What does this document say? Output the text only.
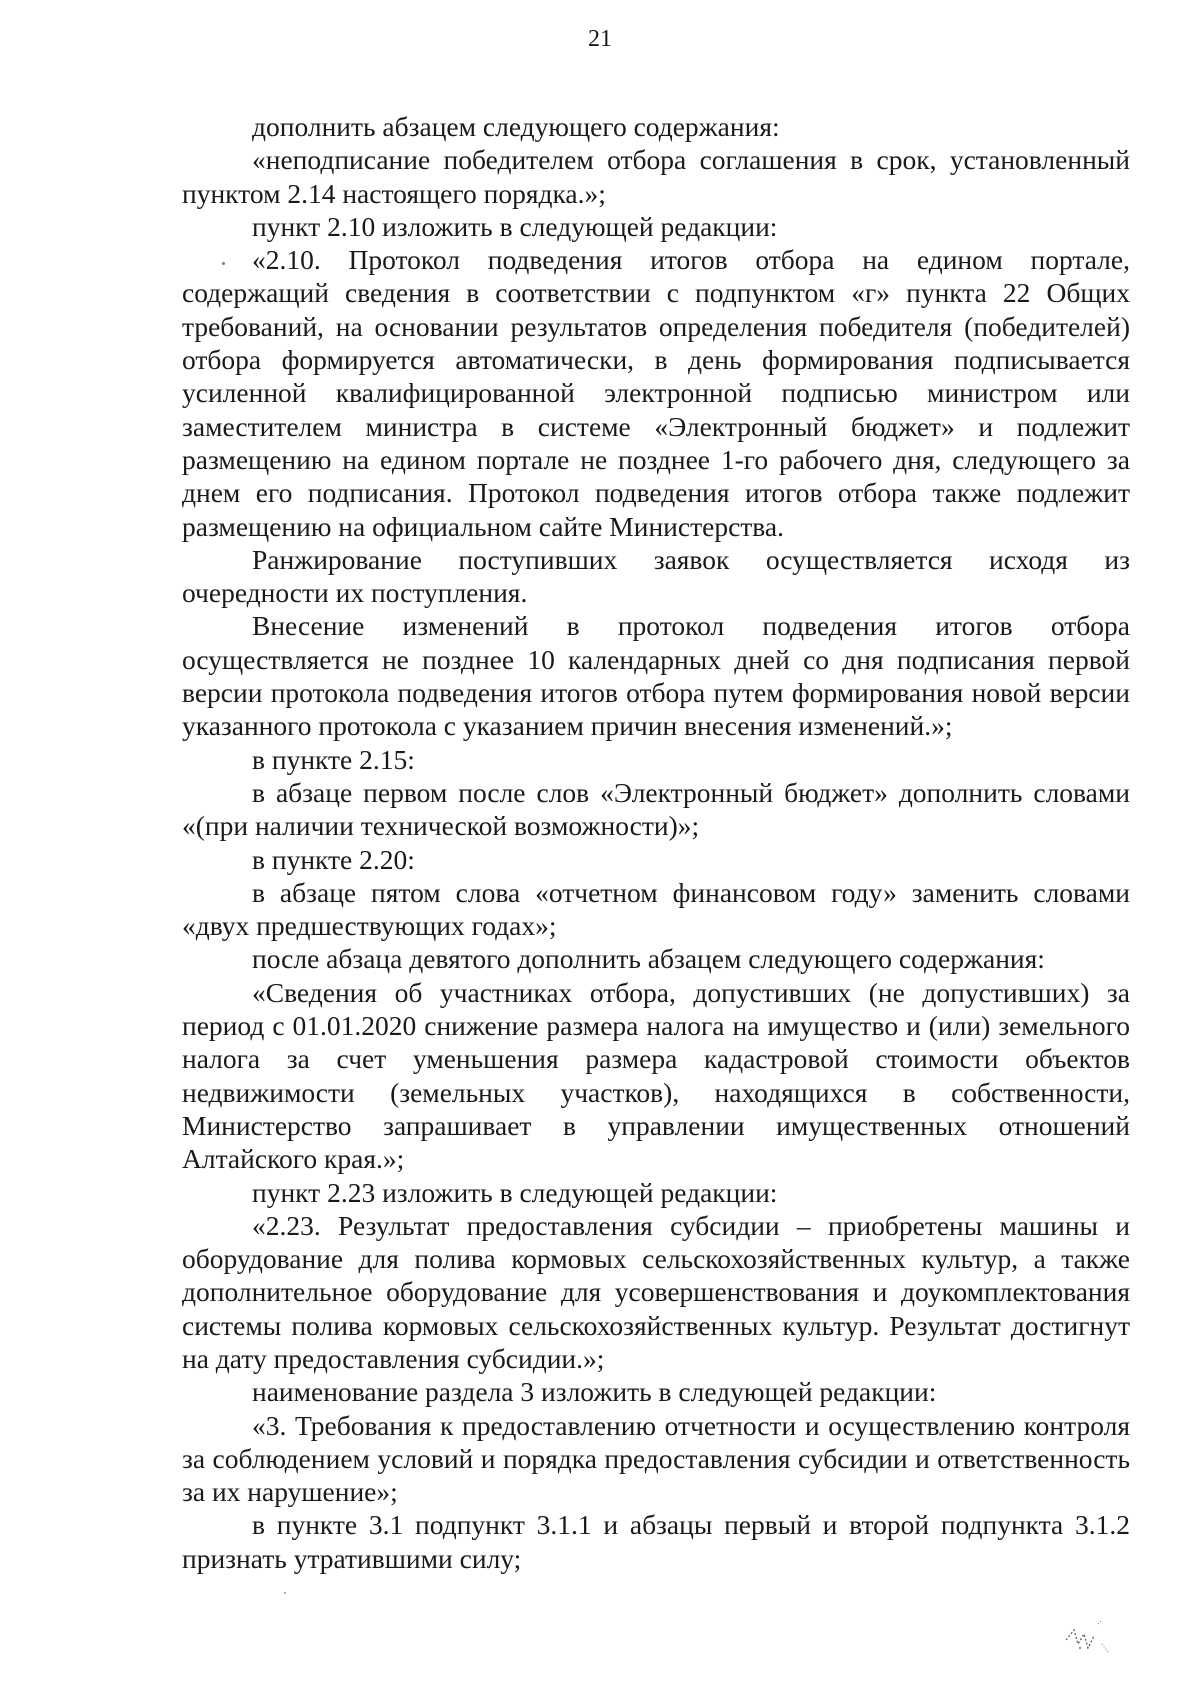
21

дополнить абзацем следующего содержания:

«неподписание победителем отбора соглашения в срок, установленный пунктом 2.14 настоящего порядка.»;

пункт 2.10 изложить в следующей редакции:

«2.10. Протокол подведения итогов отбора на едином портале, содержащий сведения в соответствии с подпунктом «г» пункта 22 Общих требований, на основании результатов определения победителя (победителей) отбора формируется автоматически, в день формирования подписывается усиленной квалифицированной электронной подписью министром или заместителем министра в системе «Электронный бюджет» и подлежит размещению на едином портале не позднее 1-го рабочего дня, следующего за днем его подписания. Протокол подведения итогов отбора также подлежит размещению на официальном сайте Министерства.

Ранжирование поступивших заявок осуществляется исходя из очередности их поступления.

Внесение изменений в протокол подведения итогов отбора осуществляется не позднее 10 календарных дней со дня подписания первой версии протокола подведения итогов отбора путем формирования новой версии указанного протокола с указанием причин внесения изменений.»;

в пункте 2.15:

в абзаце первом после слов «Электронный бюджет» дополнить словами «(при наличии технической возможности)»;

в пункте 2.20:

в абзаце пятом слова «отчетном финансовом году» заменить словами «двух предшествующих годах»;

после абзаца девятого дополнить абзацем следующего содержания:

«Сведения об участниках отбора, допустивших (не допустивших) за период с 01.01.2020 снижение размера налога на имущество и (или) земельного налога за счет уменьшения размера кадастровой стоимости объектов недвижимости (земельных участков), находящихся в собственности, Министерство запрашивает в управлении имущественных отношений Алтайского края.»;

пункт 2.23 изложить в следующей редакции:

«2.23. Результат предоставления субсидии – приобретены машины и оборудование для полива кормовых сельскохозяйственных культур, а также дополнительное оборудование для усовершенствования и доукомплектования системы полива кормовых сельскохозяйственных культур. Результат достигнут на дату предоставления субсидии.»;

наименование раздела 3 изложить в следующей редакции:

«3. Требования к предоставлению отчетности и осуществлению контроля за соблюдением условий и порядка предоставления субсидии и ответственность за их нарушение»;

в пункте 3.1 подпункт 3.1.1 и абзацы первый и второй подпункта 3.1.2 признать утратившими силу;
